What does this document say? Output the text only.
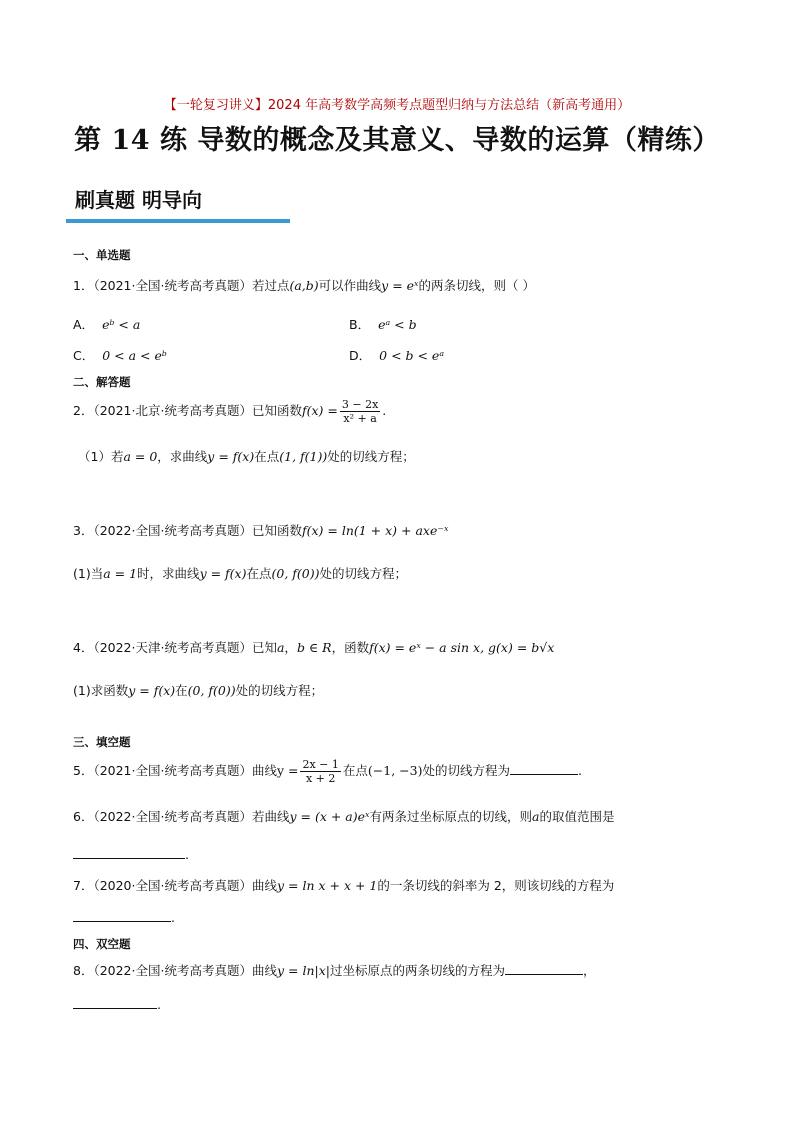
【一轮复习讲义】2024 年高考数学高频考点题型归纳与方法总结（新高考通用）
第 14 练 导数的概念及其意义、导数的运算（精练）
刷真题 明导向
一、单选题
1．（2021·全国·统考高考真题）若过点(a,b)可以作曲线y = eˣ的两条切线，则（ ）
A． eᵇ < a	B． eᵃ < b
C． 0 < a < eᵇ	D． 0 < b < eᵃ
二、解答题
2．（2021·北京·统考高考真题）已知函数$f(x) = \frac{3 - 2x}{\text{x² + a}}$ .
（1）若a = 0，求曲线y = f(x)在点(1, f(1))处的切线方程；
3．（2022·全国·统考高考真题）已知函数f(x) = ln(1 + x) + axe⁻ˣ
(1)当a = 1时，求曲线y = f(x)在点(0, f(0))处的切线方程；
4．（2022·天津·统考高考真题）已知a，b ∈ R，函数f(x) = eˣ − a sin x, g(x) = b√x
(1)求函数y = f(x)在(0, f(0))处的切线方程；
三、填空题
5．（2021·全国·统考高考真题）曲线$y = \frac{2x - 1}{x + 2}$ 在点(−1, −3)处的切线方程为	.
6．（2022·全国·统考高考真题）若曲线y = (x + a)eˣ有两条过坐标原点的切线，则a的取值范围是
.
7．（2020·全国·统考高考真题）曲线y = ln x + x + 1的一条切线的斜率为 2，则该切线的方程为
.
四、双空题
8．（2022·全国·统考高考真题）曲线y = ln|x|过坐标原点的两条切线的方程为	，
.
